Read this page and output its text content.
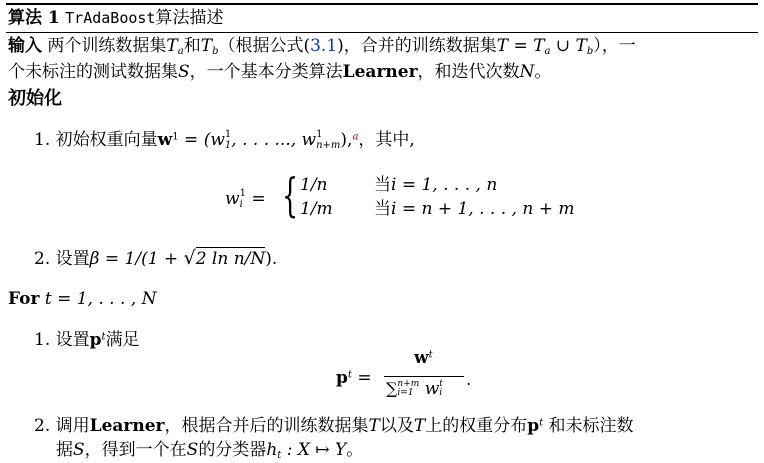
算法 1 TrAdaBoost算法描述
输入 两个训练数据集$T_a$和$T_b$（根据公式(3.1)，合并的训练数据集$T = T_a$ ∪ $T_b$），一
个未标注的测试数据集S，一个基本分类算法Learner，和迭代次数N。
初始化
1. 初始权重向量$w^1 = (w$ 1
1 , . . . ..., w 1
n+m ),$^a$，其中,
w 1
i = { 1/n	当i = 1, . . . , n
1/m 当i = n + 1, . . . , n + m
2. 设置β = 1/(1 + √2 ln n/N).
For t = 1, . . . , N
1. 设置$p^t$满足
$p^t$ =
$w^t$
∑ n+m
i=1 w t
i
.
2. 调用Learner，根据合并后的训练数据集T以及T上的权重分布$p^t$ 和未标注数
据S，得到一个在S的分类器$h_t$ : X ↦ Y。
